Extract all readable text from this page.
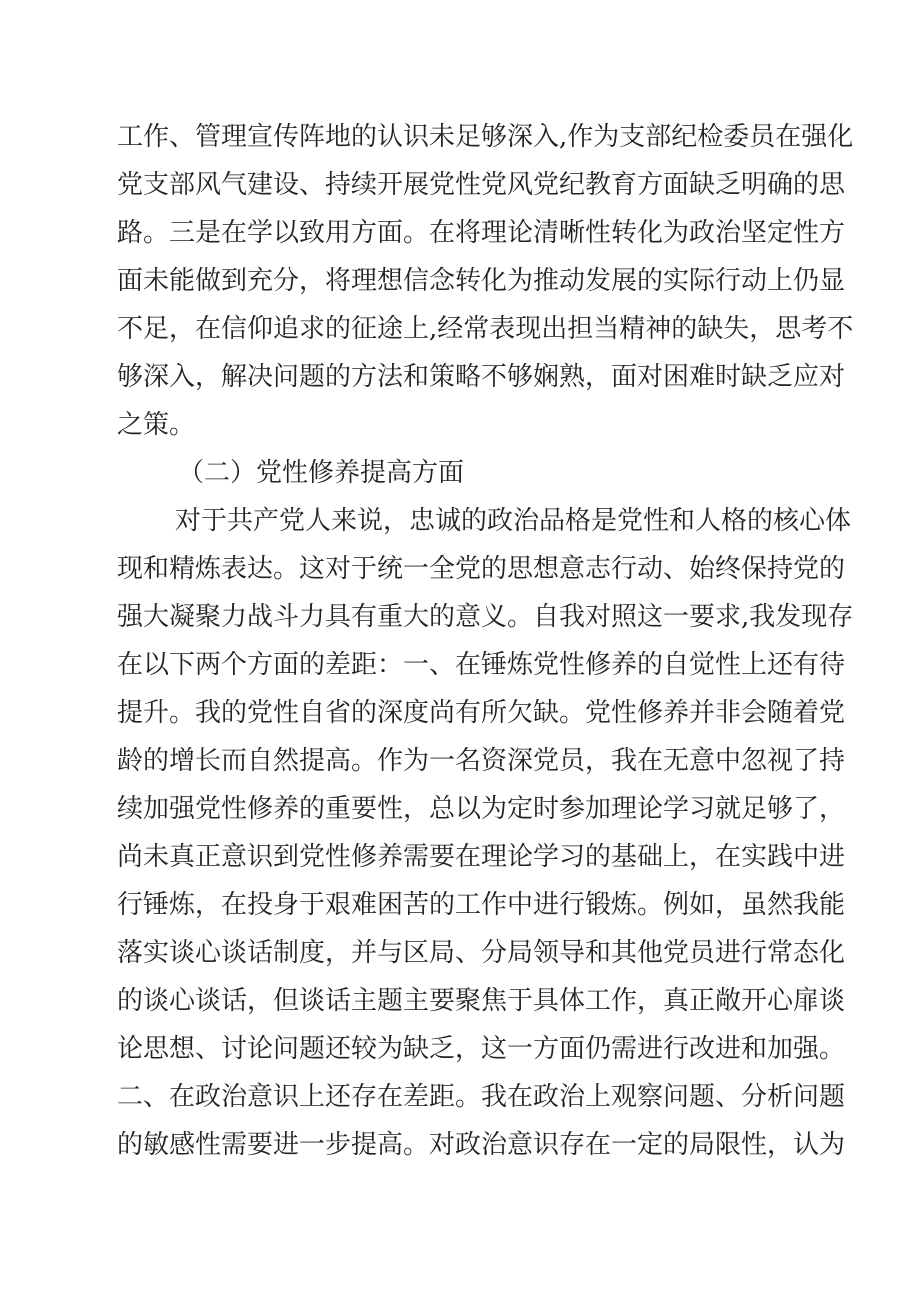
工作、管理宣传阵地的认识未足够深入,作为支部纪检委员在强化
党支部风气建设、持续开展党性党风党纪教育方面缺乏明确的思
路。三是在学以致用方面。在将理论清晰性转化为政治坚定性方
面未能做到充分，将理想信念转化为推动发展的实际行动上仍显
不足，在信仰追求的征途上,经常表现出担当精神的缺失，思考不
够深入，解决问题的方法和策略不够娴熟，面对困难时缺乏应对
之策。
（二）党性修养提高方面
对于共产党人来说，忠诚的政治品格是党性和人格的核心体
现和精炼表达。这对于统一全党的思想意志行动、始终保持党的
强大凝聚力战斗力具有重大的意义。自我对照这一要求,我发现存
在以下两个方面的差距：一、在锤炼党性修养的自觉性上还有待
提升。我的党性自省的深度尚有所欠缺。党性修养并非会随着党
龄的增长而自然提高。作为一名资深党员，我在无意中忽视了持
续加强党性修养的重要性，总以为定时参加理论学习就足够了，
尚未真正意识到党性修养需要在理论学习的基础上，在实践中进
行锤炼，在投身于艰难困苦的工作中进行锻炼。例如，虽然我能
落实谈心谈话制度，并与区局、分局领导和其他党员进行常态化
的谈心谈话，但谈话主题主要聚焦于具体工作，真正敞开心扉谈
论思想、讨论问题还较为缺乏，这一方面仍需进行改进和加强。
二、在政治意识上还存在差距。我在政治上观察问题、分析问题
的敏感性需要进一步提高。对政治意识存在一定的局限性，认为
